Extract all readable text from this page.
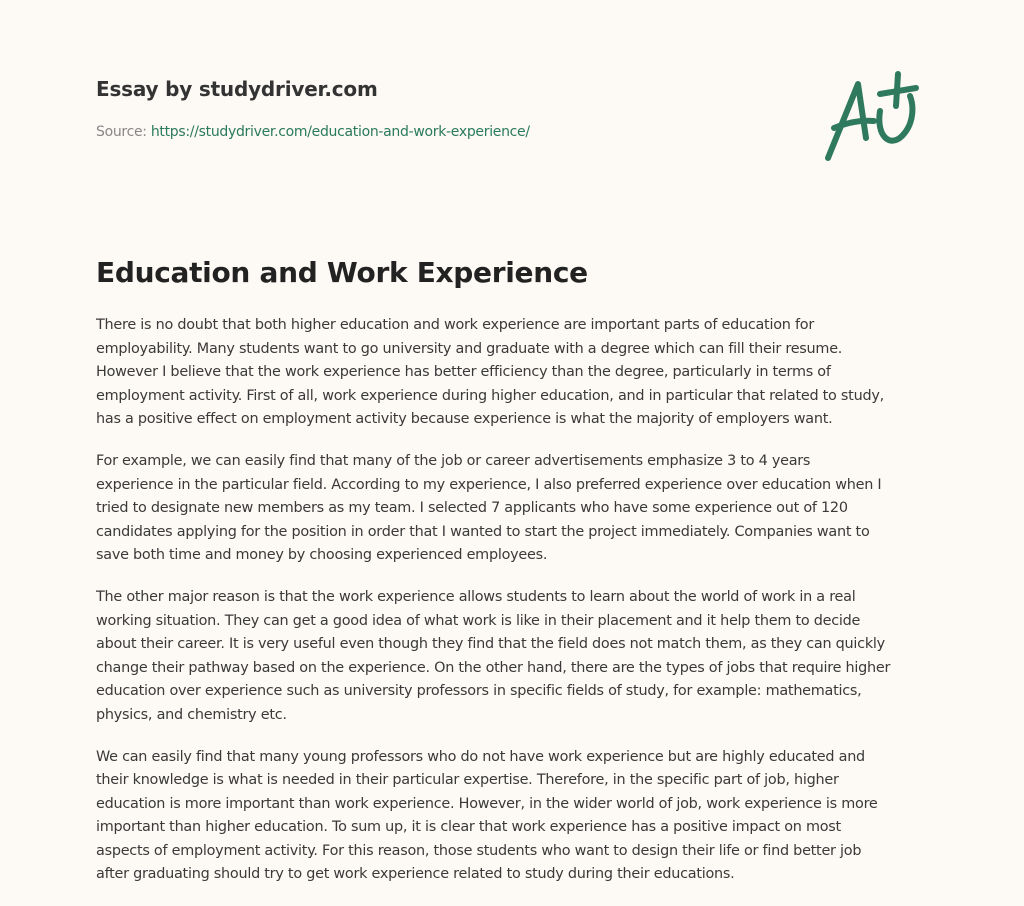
Essay by studydriver.com
Source: https://studydriver.com/education-and-work-experience/
Education and Work Experience

There is no doubt that both higher education and work experience are important parts of education for
employability. Many students want to go university and graduate with a degree which can fill their resume.
However I believe that the work experience has better efficiency than the degree, particularly in terms of
employment activity. First of all, work experience during higher education, and in particular that related to study,
has a positive effect on employment activity because experience is what the majority of employers want.

For example, we can easily find that many of the job or career advertisements emphasize 3 to 4 years
experience in the particular field. According to my experience, I also preferred experience over education when I
tried to designate new members as my team. I selected 7 applicants who have some experience out of 120
candidates applying for the position in order that I wanted to start the project immediately. Companies want to
save both time and money by choosing experienced employees.

The other major reason is that the work experience allows students to learn about the world of work in a real
working situation. They can get a good idea of what work is like in their placement and it help them to decide
about their career. It is very useful even though they find that the field does not match them, as they can quickly
change their pathway based on the experience. On the other hand, there are the types of jobs that require higher
education over experience such as university professors in specific fields of study, for example: mathematics,
physics, and chemistry etc.

We can easily find that many young professors who do not have work experience but are highly educated and
their knowledge is what is needed in their particular expertise. Therefore, in the specific part of job, higher
education is more important than work experience. However, in the wider world of job, work experience is more
important than higher education. To sum up, it is clear that work experience has a positive impact on most
aspects of employment activity. For this reason, those students who want to design their life or find better job
after graduating should try to get work experience related to study during their educations.
